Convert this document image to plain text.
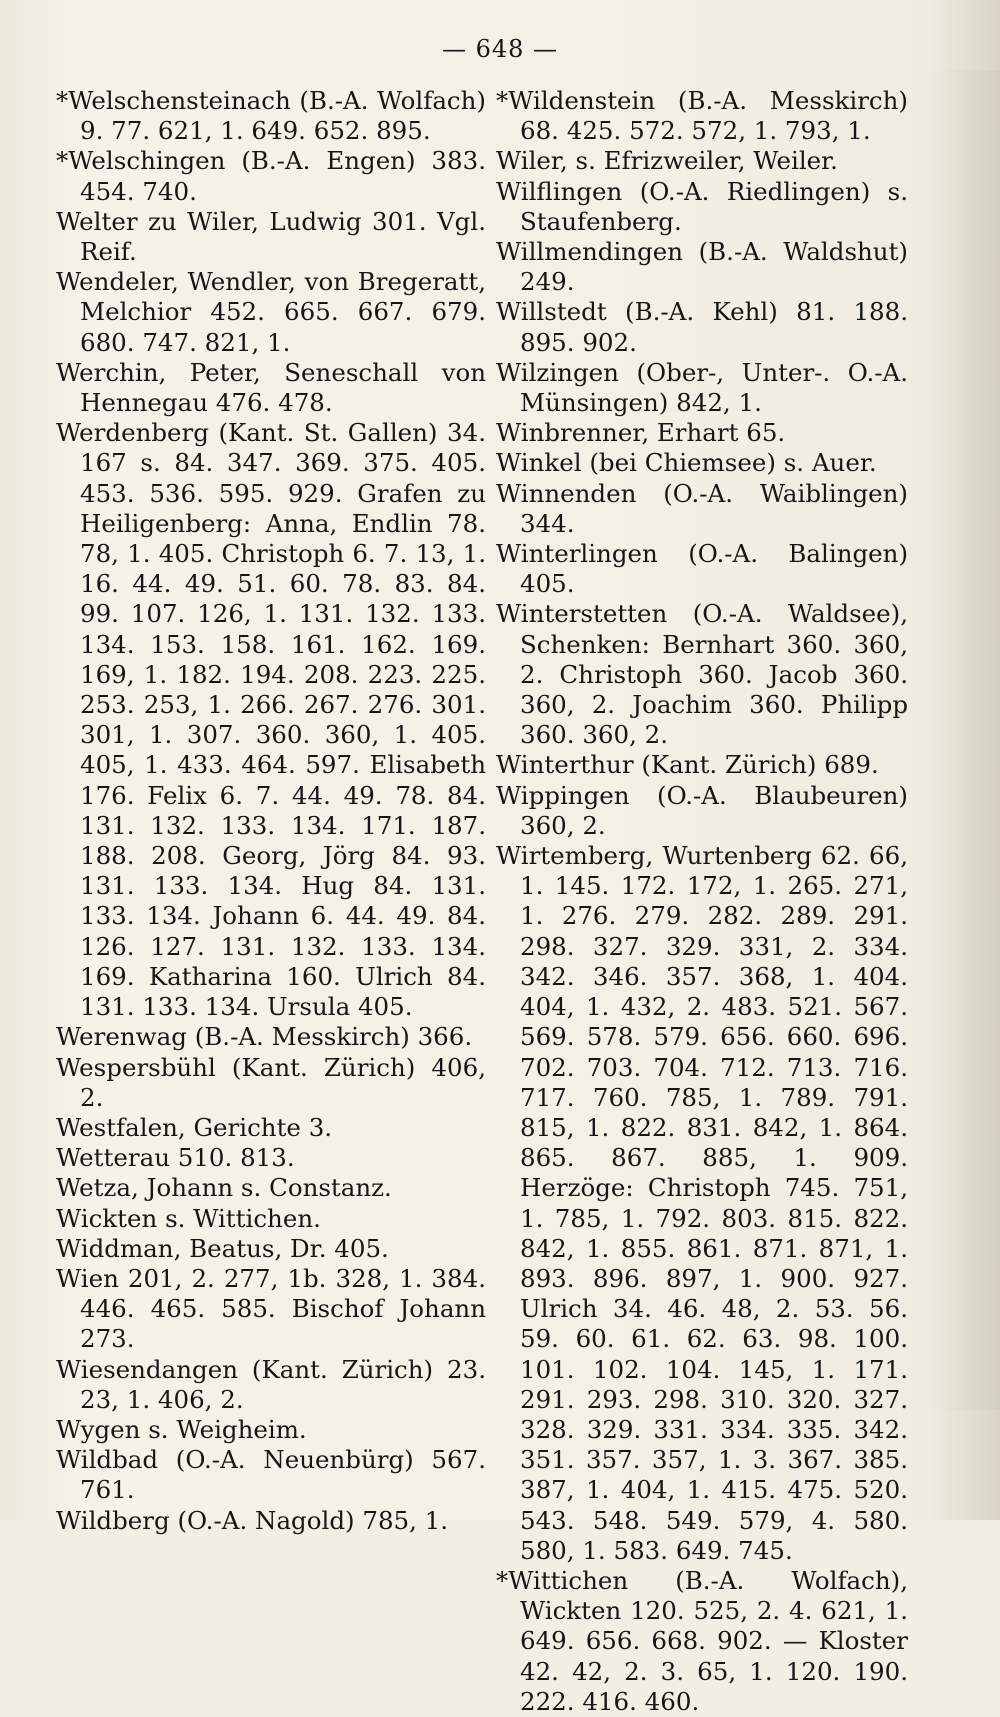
— 648 —

*Welschensteinach (B.-A. Wolfach) 9. 77. 621, 1. 649. 652. 895.

*Welschingen (B.-A. Engen) 383. 454. 740.

Welter zu Wiler, Ludwig 301. Vgl. Reif.

Wendeler, Wendler, von Bregeratt, Melchior 452. 665. 667. 679. 680. 747. 821, 1.

Werchin, Peter, Seneschall von Hennegau 476. 478.

Werdenberg (Kant. St. Gallen) 34. 167 s. 84. 347. 369. 375. 405. 453. 536. 595. 929. Grafen zu Heiligenberg: Anna, Endlin 78. 78, 1. 405. Christoph 6. 7. 13, 1. 16. 44. 49. 51. 60. 78. 83. 84. 99. 107. 126, 1. 131. 132. 133. 134. 153. 158. 161. 162. 169. 169, 1. 182. 194. 208. 223. 225. 253. 253, 1. 266. 267. 276. 301. 301, 1. 307. 360. 360, 1. 405. 405, 1. 433. 464. 597. Elisabeth 176. Felix 6. 7. 44. 49. 78. 84. 131. 132. 133. 134. 171. 187. 188. 208. Georg, Jörg 84. 93. 131. 133. 134. Hug 84. 131. 133. 134. Johann 6. 44. 49. 84. 126. 127. 131. 132. 133. 134. 169. Katharina 160. Ulrich 84. 131. 133. 134. Ursula 405.

Werenwag (B.-A. Messkirch) 366.

Wespersbühl (Kant. Zürich) 406, 2.

Westfalen, Gerichte 3.

Wetterau 510. 813.

Wetza, Johann s. Constanz.

Wickten s. Wittichen.

Widdman, Beatus, Dr. 405.

Wien 201, 2. 277, 1b. 328, 1. 384. 446. 465. 585. Bischof Johann 273.

Wiesendangen (Kant. Zürich) 23. 23, 1. 406, 2.

Wygen s. Weigheim.

Wildbad (O.-A. Neuenbürg) 567. 761.

Wildberg (O.-A. Nagold) 785, 1.

*Wildenstein (B.-A. Messkirch) 68. 425. 572. 572, 1. 793, 1.

Wiler, s. Efrizweiler, Weiler.

Wilflingen (O.-A. Riedlingen) s. Staufenberg.

Willmendingen (B.-A. Waldshut) 249.

Willstedt (B.-A. Kehl) 81. 188. 895. 902.

Wilzingen (Ober-, Unter-. O.-A. Münsingen) 842, 1.

Winbrenner, Erhart 65.

Winkel (bei Chiemsee) s. Auer.

Winnenden (O.-A. Waiblingen) 344.

Winterlingen (O.-A. Balingen) 405.

Winterstetten (O.-A. Waldsee), Schenken: Bernhart 360. 360, 2. Christoph 360. Jacob 360. 360, 2. Joachim 360. Philipp 360. 360, 2.

Winterthur (Kant. Zürich) 689.

Wippingen (O.-A. Blaubeuren) 360, 2.

Wirtemberg, Wurtenberg 62. 66, 1. 145. 172. 172, 1. 265. 271, 1. 276. 279. 282. 289. 291. 298. 327. 329. 331, 2. 334. 342. 346. 357. 368, 1. 404. 404, 1. 432, 2. 483. 521. 567. 569. 578. 579. 656. 660. 696. 702. 703. 704. 712. 713. 716. 717. 760. 785, 1. 789. 791. 815, 1. 822. 831. 842, 1. 864. 865. 867. 885, 1. 909. Herzöge: Christoph 745. 751, 1. 785, 1. 792. 803. 815. 822. 842, 1. 855. 861. 871. 871, 1. 893. 896. 897, 1. 900. 927. Ulrich 34. 46. 48, 2. 53. 56. 59. 60. 61. 62. 63. 98. 100. 101. 102. 104. 145, 1. 171. 291. 293. 298. 310. 320. 327. 328. 329. 331. 334. 335. 342. 351. 357. 357, 1. 3. 367. 385. 387, 1. 404, 1. 415. 475. 520. 543. 548. 549. 579, 4. 580. 580, 1. 583. 649. 745.

*Wittichen (B.-A. Wolfach), Wickten 120. 525, 2. 4. 621, 1. 649. 656. 668. 902. — Kloster 42. 42, 2. 3. 65, 1. 120. 190. 222. 416. 460.
